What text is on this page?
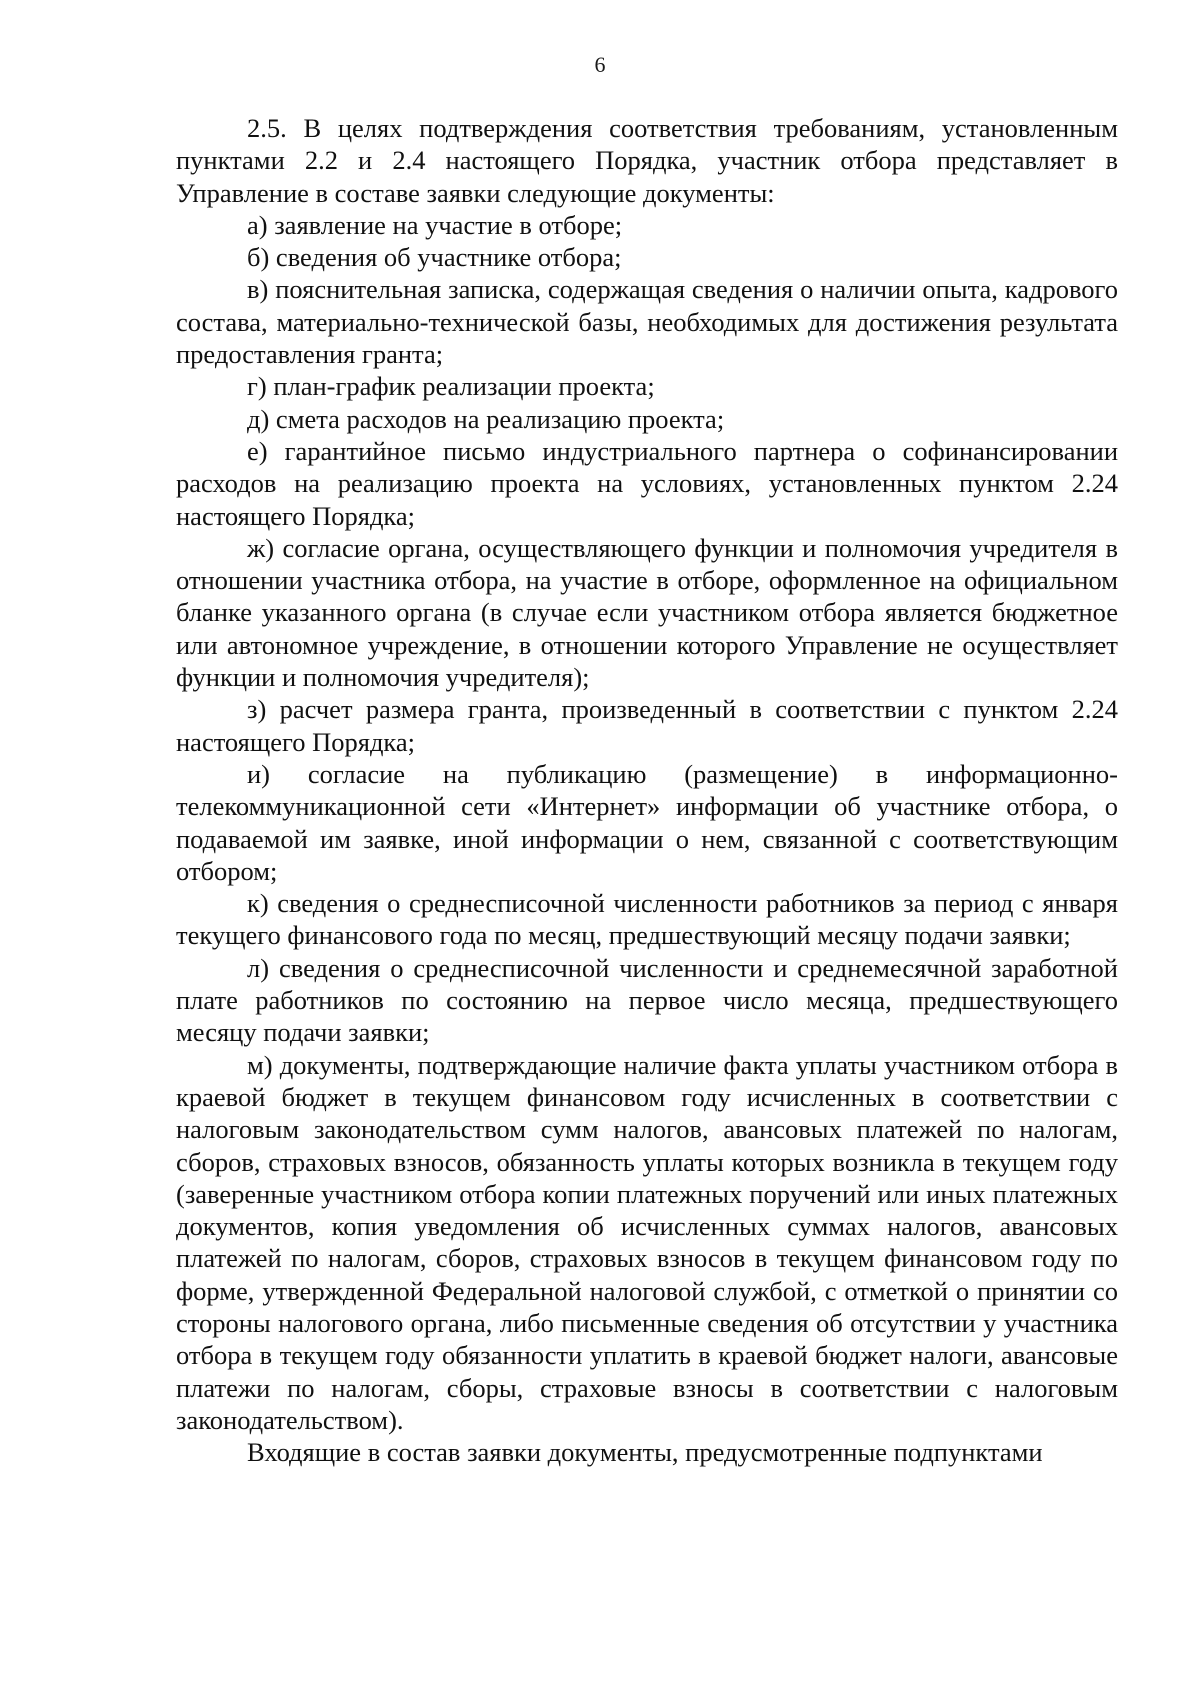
6

2.5. В целях подтверждения соответствия требованиям, установленным пунктами 2.2 и 2.4 настоящего Порядка, участник отбора представляет в Управление в составе заявки следующие документы:

а) заявление на участие в отборе;

б) сведения об участнике отбора;

в) пояснительная записка, содержащая сведения о наличии опыта, кадрового состава, материально-технической базы, необходимых для достижения результата предоставления гранта;

г) план-график реализации проекта;

д) смета расходов на реализацию проекта;

е) гарантийное письмо индустриального партнера о софинансировании расходов на реализацию проекта на условиях, установленных пунктом 2.24 настоящего Порядка;

ж) согласие органа, осуществляющего функции и полномочия учредителя в отношении участника отбора, на участие в отборе, оформленное на официальном бланке указанного органа (в случае если участником отбора является бюджетное или автономное учреждение, в отношении которого Управление не осуществляет функции и полномочия учредителя);

з) расчет размера гранта, произведенный в соответствии с пунктом 2.24 настоящего Порядка;

и) согласие на публикацию (размещение) в информационно-телекоммуникационной сети «Интернет» информации об участнике отбора, о подаваемой им заявке, иной информации о нем, связанной с соответствующим отбором;

к) сведения о среднесписочной численности работников за период с января текущего финансового года по месяц, предшествующий месяцу подачи заявки;

л) сведения о среднесписочной численности и среднемесячной заработной плате работников по состоянию на первое число месяца, предшествующего месяцу подачи заявки;

м) документы, подтверждающие наличие факта уплаты участником отбора в краевой бюджет в текущем финансовом году исчисленных в соответствии с налоговым законодательством сумм налогов, авансовых платежей по налогам, сборов, страховых взносов, обязанность уплаты которых возникла в текущем году (заверенные участником отбора копии платежных поручений или иных платежных документов, копия уведомления об исчисленных суммах налогов, авансовых платежей по налогам, сборов, страховых взносов в текущем финансовом году по форме, утвержденной Федеральной налоговой службой, с отметкой о принятии со стороны налогового органа, либо письменные сведения об отсутствии у участника отбора в текущем году обязанности уплатить в краевой бюджет налоги, авансовые платежи по налогам, сборы, страховые взносы в соответствии с налоговым законодательством).

Входящие в состав заявки документы, предусмотренные подпунктами
